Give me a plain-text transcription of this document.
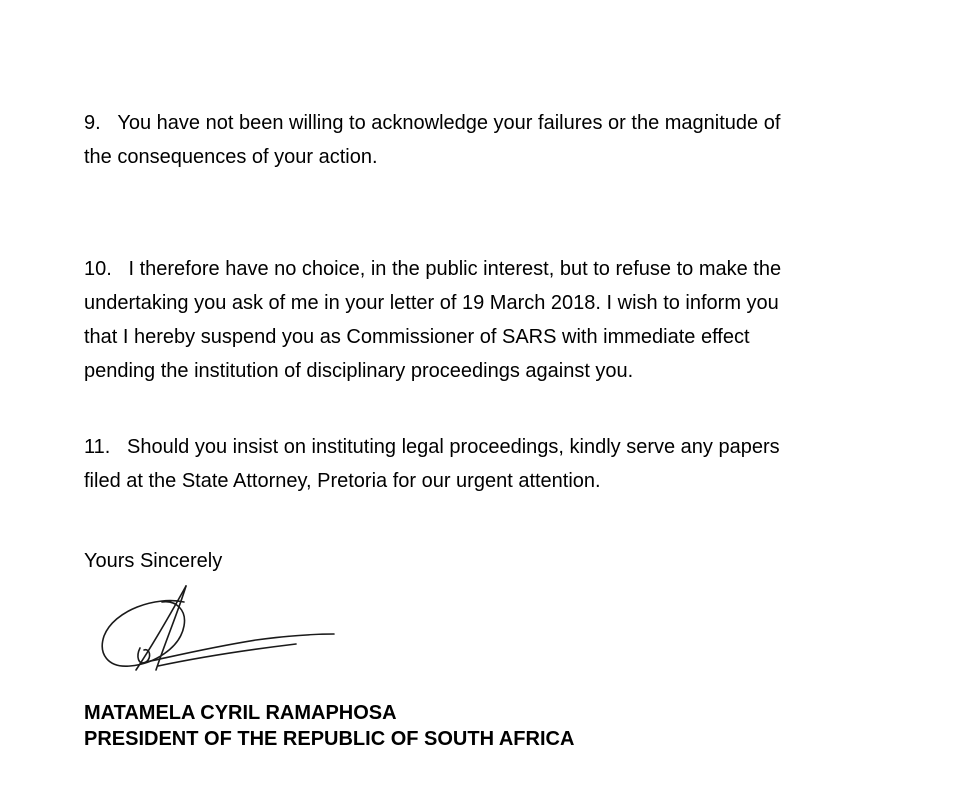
9. You have not been willing to acknowledge your failures or the magnitude of
the consequences of your action.

10. I therefore have no choice, in the public interest, but to refuse to make the
undertaking you ask of me in your letter of 19 March 2018. I wish to inform you
that I hereby suspend you as Commissioner of SARS with immediate effect
pending the institution of disciplinary proceedings against you.

11. Should you insist on instituting legal proceedings, kindly serve any papers
filed at the State Attorney, Pretoria for our urgent attention.

Yours Sincerely
MATAMELA CYRIL RAMAPHOSA
PRESIDENT OF THE REPUBLIC OF SOUTH AFRICA
